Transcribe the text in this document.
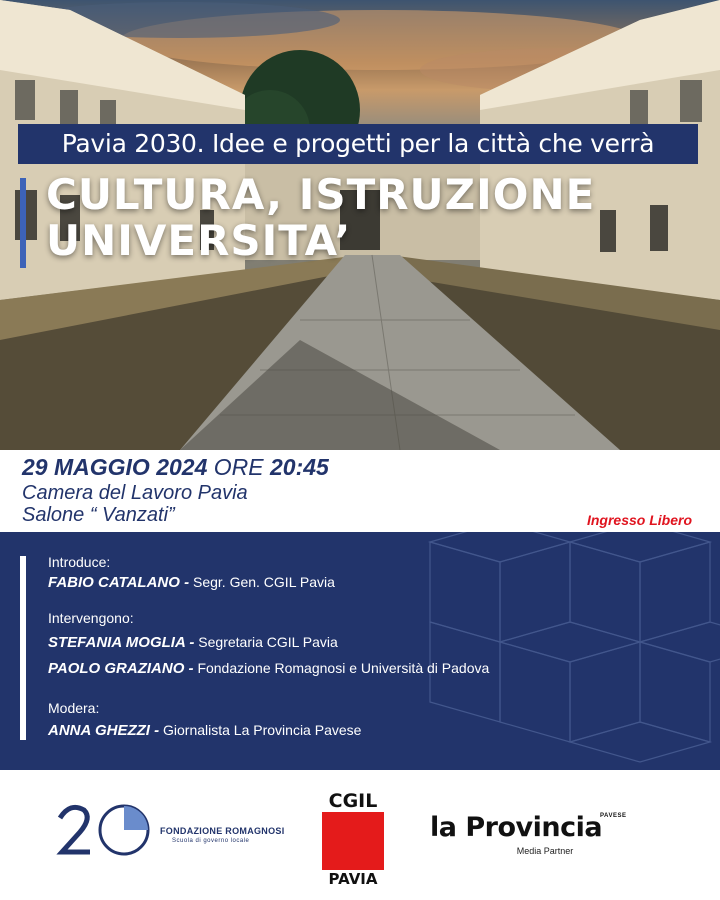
Pavia 2030. Idee e progetti per la città che verrà
CULTURA, ISTRUZIONE
UNIVERSITA’
29 MAGGIO 2024 ORE 20:45
Camera del Lavoro Pavia
Salone “ Vanzati”	Ingresso Libero
Introduce:
FABIO CATALANO - Segr. Gen. CGIL Pavia
Intervengono:
STEFANIA MOGLIA - Segretaria CGIL Pavia
PAOLO GRAZIANO - Fondazione Romagnosi e Università di Padova
Modera:
ANNA GHEZZI - Giornalista La Provincia Pavese
FONDAZIONE ROMAGNOSI
Scuola di governo locale
CGIL
PAVIA
la Provincia
PAVESE
Media Partner
